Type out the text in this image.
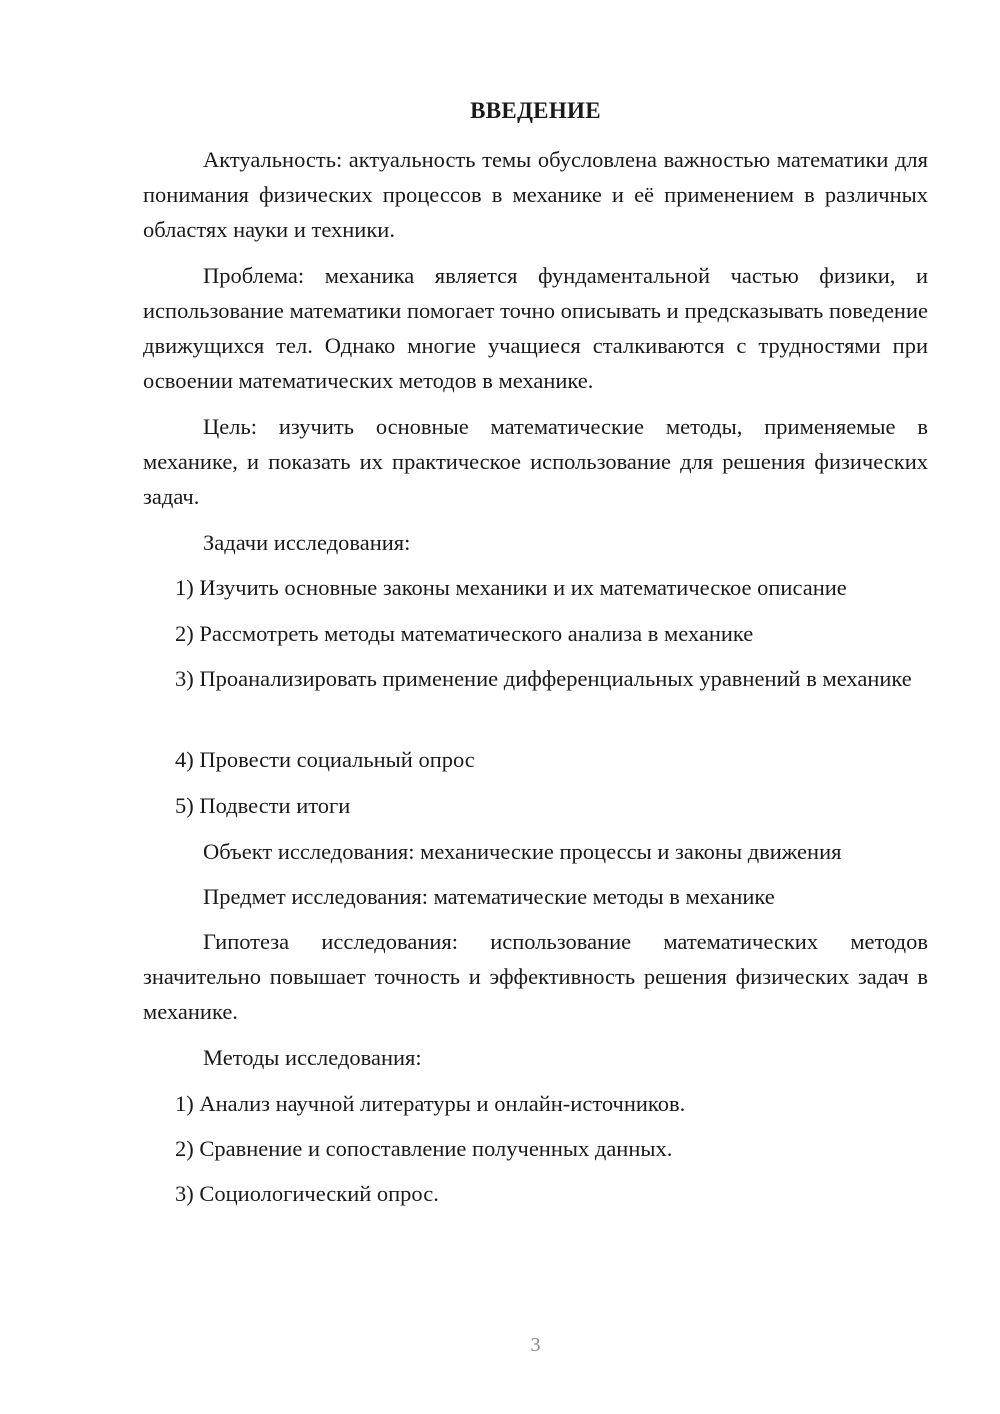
ВВЕДЕНИЕ

Актуальность: актуальность темы обусловлена важностью математики для понимания физических процессов в механике и её применением в различных областях науки и техники.

Проблема: механика является фундаментальной частью физики, и использование математики помогает точно описывать и предсказывать поведение движущихся тел. Однако многие учащиеся сталкиваются с трудностями при освоении математических методов в механике.

Цель: изучить основные математические методы, применяемые в механике, и показать их практическое использование для решения физических задач.

Задачи исследования:

1) Изучить основные законы механики и их математическое описание

2) Рассмотреть методы математического анализа в механике

3) Проанализировать применение дифференциальных уравнений в механике

4) Провести социальный опрос

5) Подвести итоги

Объект исследования: механические процессы и законы движения

Предмет исследования: математические методы в механике

Гипотеза исследования: использование математических методов значительно повышает точность и эффективность решения физических задач в механике.

Методы исследования:

1) Анализ научной литературы и онлайн-источников.

2) Сравнение и сопоставление полученных данных.

3) Социологический опрос.

3
